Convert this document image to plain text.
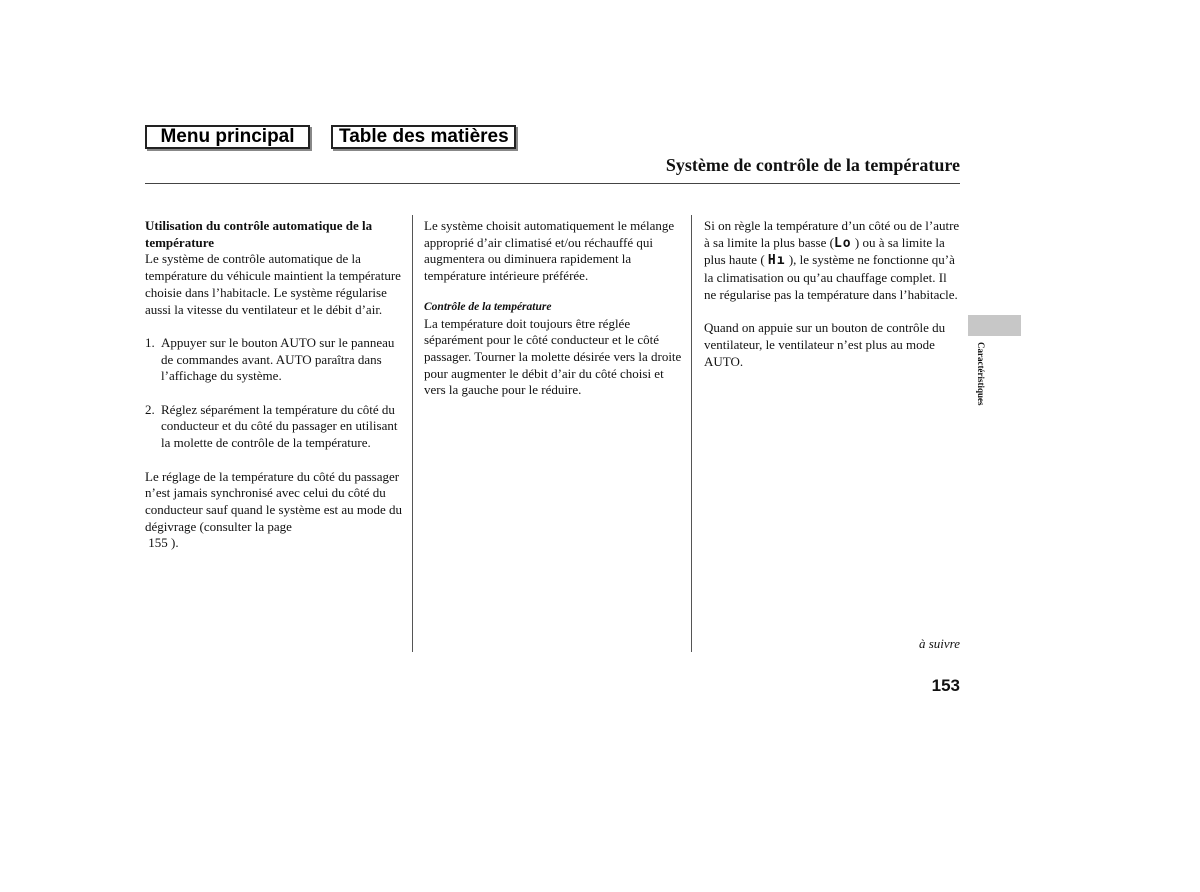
Menu principal	Table des matières
Système de contrôle de la température

Utilisation du contrôle automatique de la température

Le système de contrôle automatique de la température du véhicule maintient la température choisie dans l’habitacle. Le système régularise aussi la vitesse du ventilateur et le débit d’air.

1. Appuyer sur le bouton AUTO sur le panneau de commandes avant. AUTO paraîtra dans l’affichage du système.
2. Réglez séparément la température du côté du conducteur et du côté du passager en utilisant la molette de contrôle de la température.

Le réglage de la température du côté du passager n’est jamais synchronisé avec celui du côté du conducteur sauf quand le système est au mode du dégivrage (consulter la page
155 ).

Le système choisit automatiquement le mélange approprié d’air climatisé et/ou réchauffé qui augmentera ou diminuera rapidement la température intérieure préférée.

Contrôle de la température

La température doit toujours être réglée séparément pour le côté conducteur et le côté passager. Tourner la molette désirée vers la droite pour augmenter le débit d’air du côté choisi et vers la gauche pour le réduire.

Si on règle la température d’un côté ou de l’autre à sa limite la plus basse (Lo ) ou à sa limite la plus haute ( Hı ), le système ne fonctionne qu’à la climatisation ou qu’au chauffage complet. Il ne régularise pas la température dans l’habitacle.

Quand on appuie sur un bouton de contrôle du ventilateur, le ventilateur n’est plus au mode AUTO.

à suivre
153
Caractéristiques
